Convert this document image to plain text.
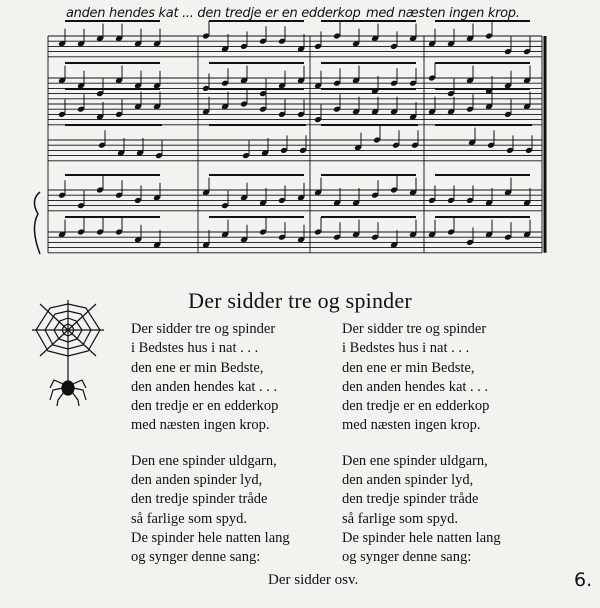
anden hendes kat ... den tredje er en edderkop med næsten ingen krop.
Der sidder tre og spinder
Der sidder tre og spinder
i Bedstes hus i nat . . .
den ene er min Bedste,
den anden hendes kat . . .
den tredje er en edderkop
med næsten ingen krop.
Den ene spinder uldgarn,
den anden spinder lyd,
den tredje spinder tråde
så farlige som spyd.
De spinder hele natten lang
og synger denne sang:
Der sidder tre og spinder
i Bedstes hus i nat . . .
den ene er min Bedste,
den anden hendes kat . . .
den tredje er en edderkop
med næsten ingen krop.
Den ene spinder uldgarn,
den anden spinder lyd,
den tredje spinder tråde
så farlige som spyd.
De spinder hele natten lang
og synger denne sang:
Der sidder osv.	6.
